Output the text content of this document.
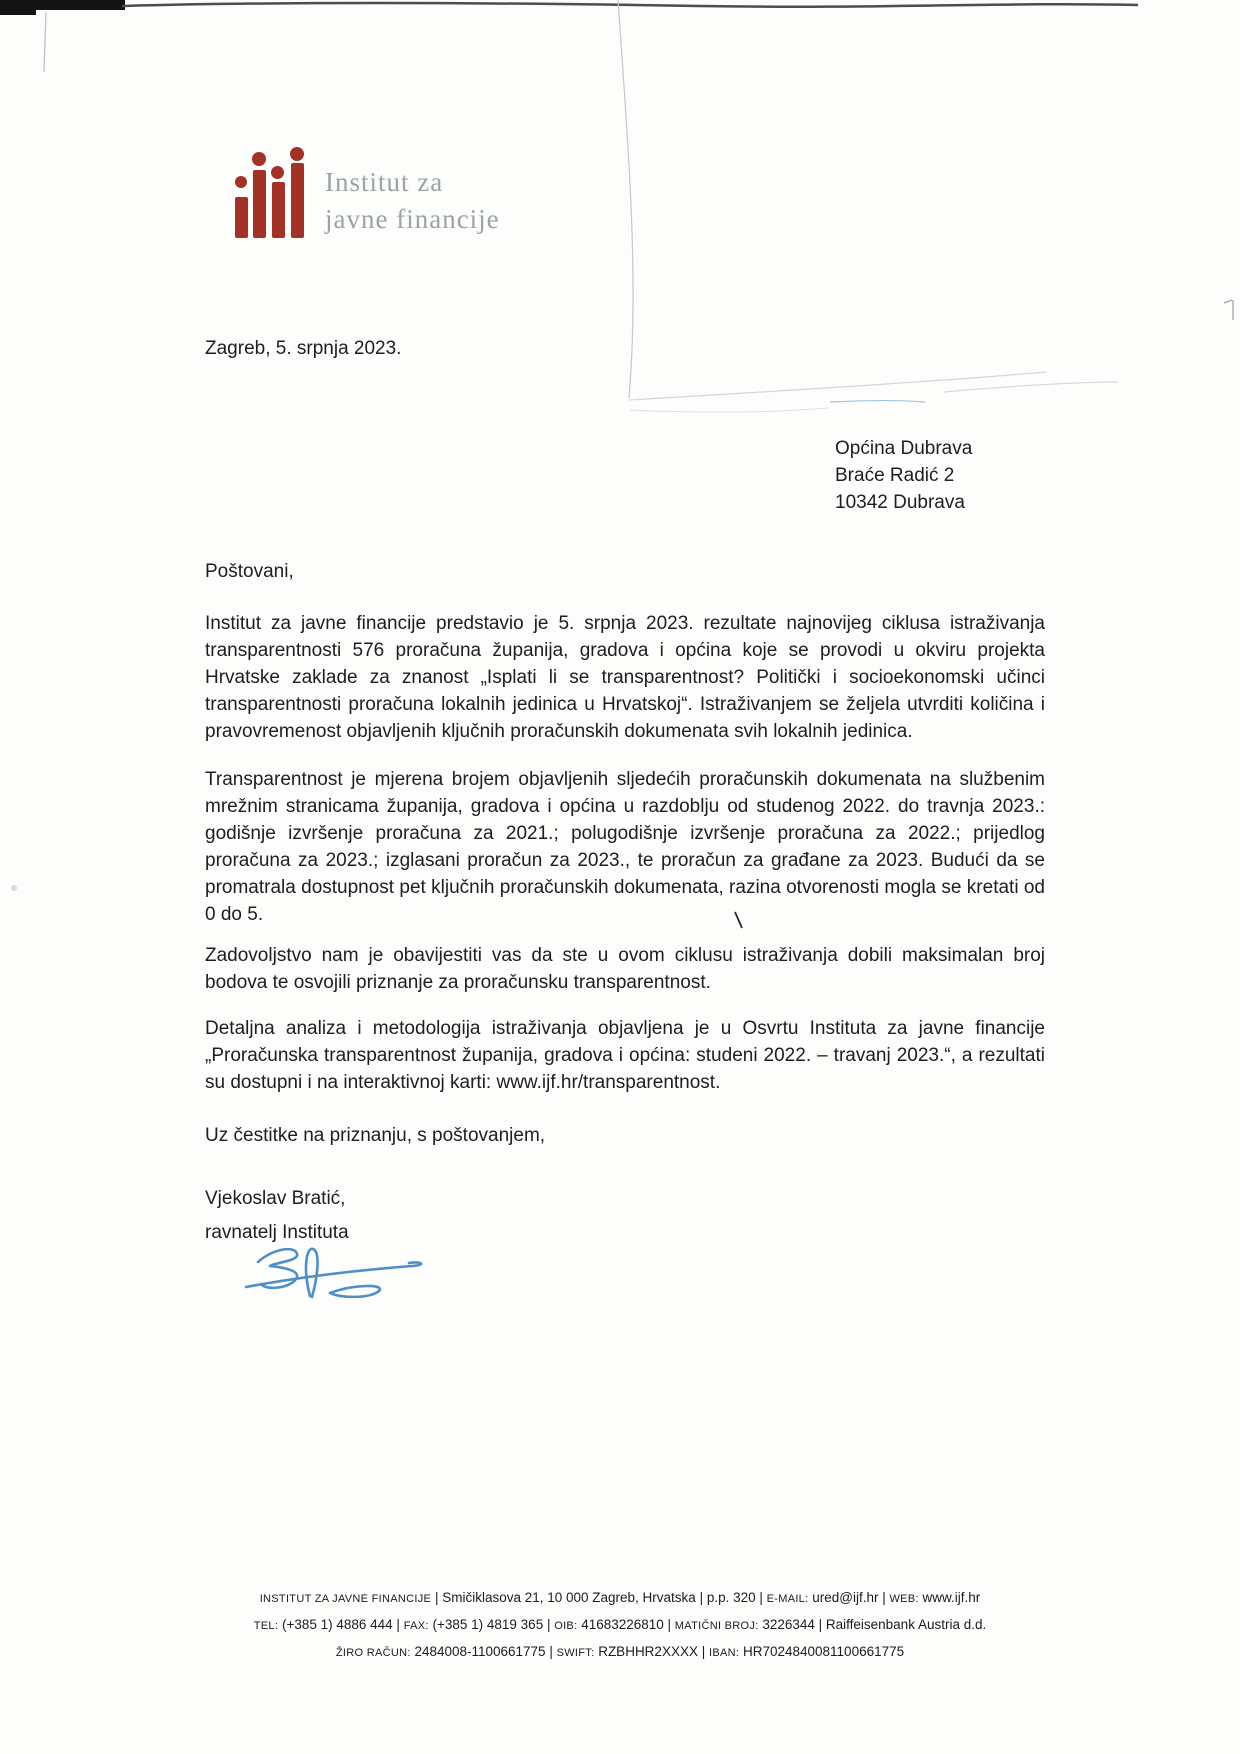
Institut za
javne financije
Zagreb, 5. srpnja 2023.
Općina Dubrava
Braće Radić 2
10342 Dubrava
Poštovani,

Institut za javne financije predstavio je 5. srpnja 2023. rezultate najnovijeg ciklusa istraživanja transparentnosti 576 proračuna županija, gradova i općina koje se provodi u okviru projekta Hrvatske zaklade za znanost „Isplati li se transparentnost? Politički i socioekonomski učinci transparentnosti proračuna lokalnih jedinica u Hrvatskoj“. Istraživanjem se željela utvrditi količina i pravovremenost objavljenih ključnih proračunskih dokumenata svih lokalnih jedinica.

Transparentnost je mjerena brojem objavljenih sljedećih proračunskih dokumenata na službenim mrežnim stranicama županija, gradova i općina u razdoblju od studenog 2022. do travnja 2023.: godišnje izvršenje proračuna za 2021.; polugodišnje izvršenje proračuna za 2022.; prijedlog proračuna za 2023.; izglasani proračun za 2023., te proračun za građane za 2023. Budući da se promatrala dostupnost pet ključnih proračunskih dokumenata, razina otvorenosti mogla se kretati od 0 do 5.

Zadovoljstvo nam je obavijestiti vas da ste u ovom ciklusu istraživanja dobili maksimalan broj bodova te osvojili priznanje za proračunsku transparentnost.

Detaljna analiza i metodologija istraživanja objavljena je u Osvrtu Instituta za javne financije „Proračunska transparentnost županija, gradova i općina: studeni 2022. – travanj 2023.“, a rezultati su dostupni i na interaktivnoj karti: www.ijf.hr/transparentnost.

Uz čestitke na priznanju, s poštovanjem,
Vjekoslav Bratić,
ravnatelj Instituta
INSTITUT ZA JAVNE FINANCIJE | Smičiklasova 21, 10 000 Zagreb, Hrvatska | p.p. 320 | E-MAIL: ured@ijf.hr | WEB: www.ijf.hr
TEL: (+385 1) 4886 444 | FAX: (+385 1) 4819 365 | OIB: 41683226810 | MATIČNI BROJ: 3226344 | Raiffeisenbank Austria d.d.
ŽIRO RAČUN: 2484008-1100661775 | SWIFT: RZBHHR2XXXX | IBAN: HR7024840081100661775
